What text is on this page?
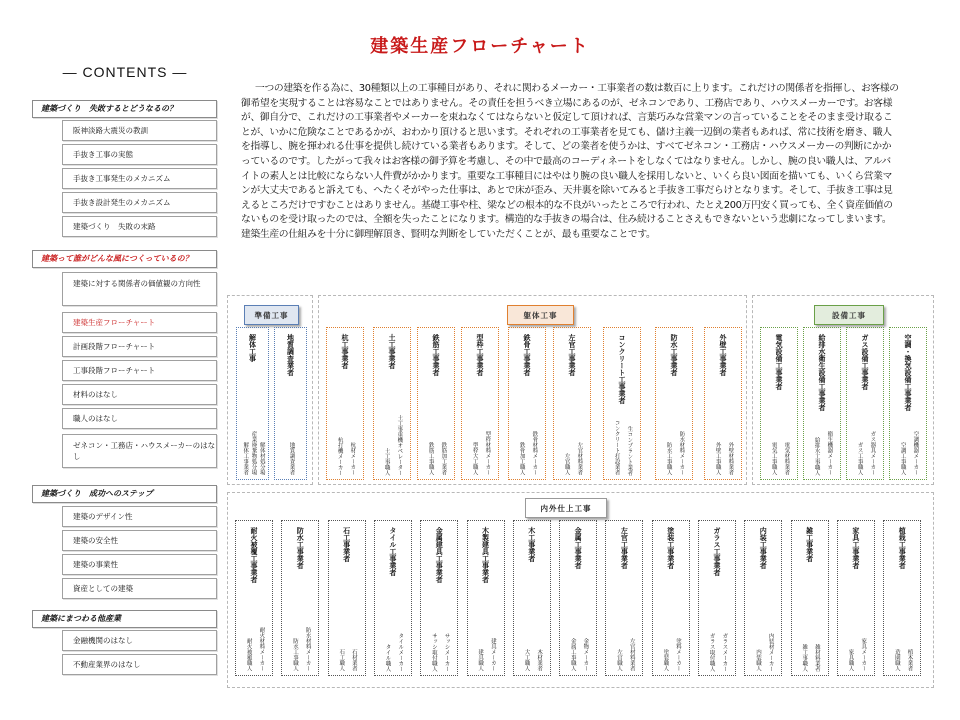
建築生産フローチャート
— CONTENTS —
建築づくり　失敗するとどうなるの？
阪神淡路大震災の教訓
手抜き工事の実態
手抜き工事発生のメカニズム
手抜き設計発生のメカニズム
建築づくり　失敗の末路
建築って誰がどんな風につくっているの？
建築に対する関係者の価値観の方向性
建築生産フローチャート
計画段階フローチャート
工事段階フローチャート
材料のはなし
職人のはなし
ゼネコン・工務店・ハウスメーカーのはなし
建築づくり　成功へのステップ
建築のデザイン性
建築の安全性
建築の事業性
資産としての建築
建築にまつわる他産業
金融機関のはなし
不動産業界のはなし

一つの建築を作る為に、30種類以上の工事種目があり、それに関わるメーカー・工事業者の数は数百に上ります。これだけの関係者を指揮し、お客様の御希望を実現することは容易なことではありません。その責任を担うべき立場にあるのが、ゼネコンであり、工務店であり、ハウスメーカーです。お客様が、御自分で、これだけの工事業者やメーカーを束ねなくてはならないと仮定して頂ければ、言葉巧みな営業マンの言っていることをそのまま受け取ることが、いかに危険なことであるかが、おわかり頂けると思います。それぞれの工事業者を見ても、儲け主義一辺倒の業者もあれば、常に技術を磨き、職人を指導し、腕を揮われる仕事を提供し続けている業者もあります。そして、どの業者を使うかは、すべてゼネコン・工務店・ハウスメーカーの判断にかかっているのです。したがって我々はお客様の御予算を考慮し、その中で最高のコーディネートをしなくてはなりません。しかし、腕の良い職人は、アルバイトの素人とは比較にならない人件費がかかります。重要な工事種目にはやはり腕の良い職人を採用しないと、いくら良い図面を描いても、いくら営業マンが大丈夫であると訴えても、へたくそがやった仕事は、あとで床が歪み、天井裏を除いてみると手抜き工事だらけとなります。そして、手抜き工事は見えるところだけですむことはありません。基礎工事や柱、梁などの根本的な不良がいったところで行われ、たとえ200万円安く買っても、全く資産価値のないものを受け取ったのでは、全額を失ったことになります。構造的な手抜きの場合は、住み続けることさえもできないという悲劇になってしまいます。建築生産の仕組みを十分に御理解頂き、賢明な判断をしていただくことが、最も重要なことです。

準備工事	躯体工事	設備工事
解体工事
解体工事業者 産業廃棄物処分場 解体材処分場
地質調査業者
地質調査業者
杭工事業者
杭打機メーカー 杭材メーカー
土工事業者
土工事職人 土工事重機オペレーター
鉄筋工事業者
鉄筋工事職人 鉄筋加工業者
型枠工事業者
型枠大工職人 型枠材料メーカー
鉄骨工事業者
鉄骨加工職人 鉄骨材料メーカー
左官工事業者
左官職人 左官材料業者
コンクリート工事業者
コンクリート打設業者 生コンプラント業者
防水工事業者
防水工事職人 防水材料メーカー
外壁工事業者
外壁工事職人 外壁材料業者
電気設備工事業者
電気工事職人 電気材料業者
給排水衛生設備工事業者
給排水工事職人 衛生機器メーカー
ガス設備工事業者
ガス工事職人 ガス器具メーカー
空調・換気設備工事業者
空調工事職人 空調機器メーカー
内外仕上工事
耐火被覆工事業者
耐火被覆職人 耐火材料メーカー
防水工事業者
防水工事職人 防水材料メーカー
石工事業者
石工職人 石材業者
タイル工事業者
タイル職人 タイルメーカー
金属建具工事業者
サッシ取付職人 サッシメーカー
木製建具工事業者
建具職人 建具メーカー
木工事業者
大工職人 木材業者
金属工事業者
金属工事職人 金物メーカー
左官工事業者
左官職人 左官材料業者
塗装工事業者
塗装職人 塗料メーカー
ガラス工事業者
ガラス取付職人 ガラスメーカー
内装工事業者
内装職人 内装材メーカー
雑工事業者
雑工事職人 雑材料業者
家具工事業者
家具職人 家具メーカー
植栽工事業者
造園職人 植木業者
